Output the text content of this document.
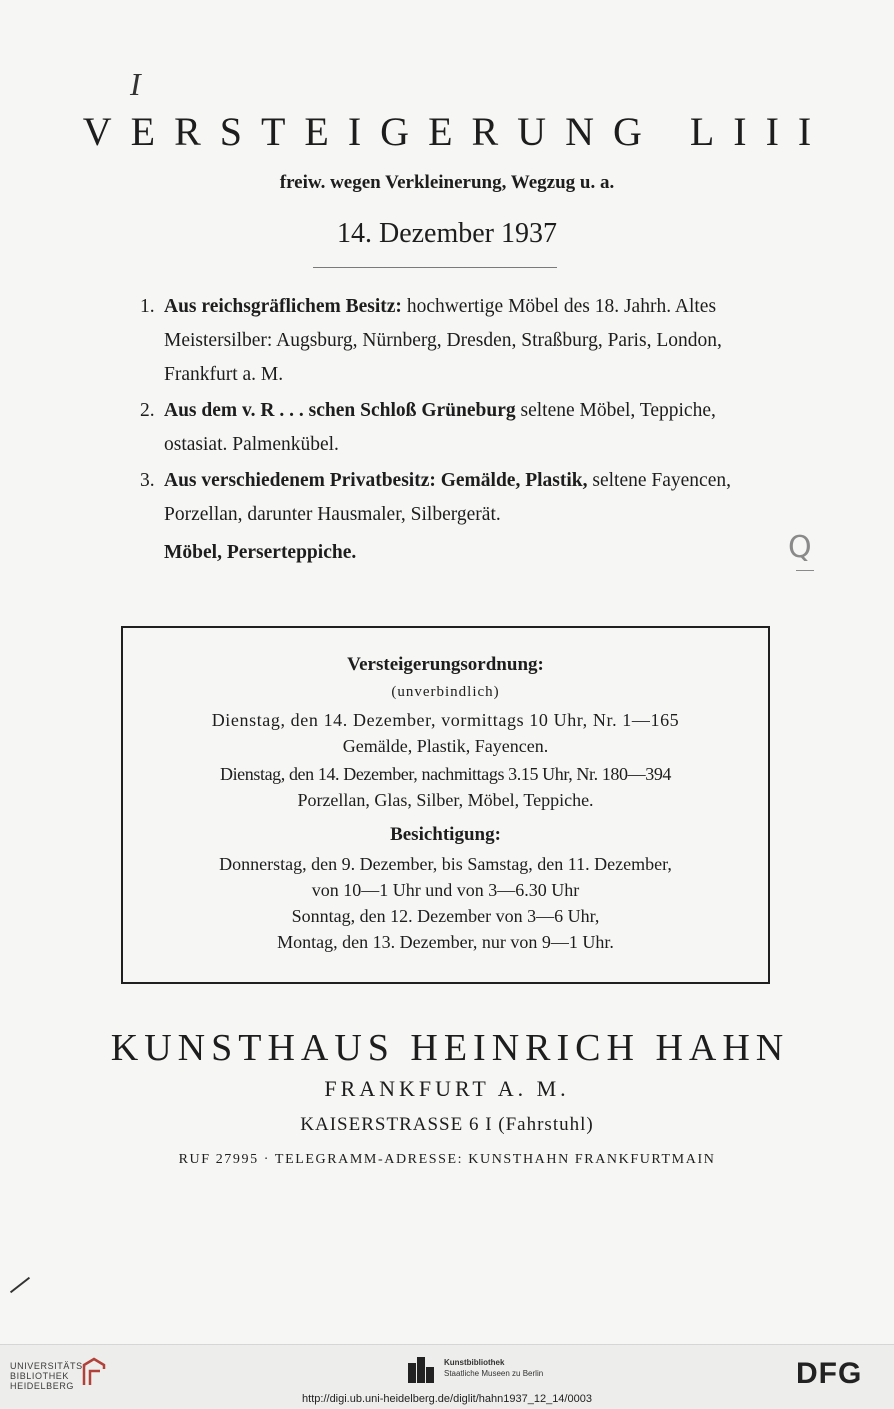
I
Q
VERSTEIGERUNG LIII
freiw. wegen Verkleinerung, Wegzug u. a.
14. Dezember 1937
1. Aus reichsgräflichem Besitz: hochwertige Möbel des 18. Jahrh. Altes Meistersilber: Augsburg, Nürnberg, Dresden, Straßburg, Paris, London, Frankfurt a. M.
2. Aus dem v. R . . . schen Schloß Grüneburg seltene Möbel, Teppiche, ostasiat. Palmenkübel.
3. Aus verschiedenem Privatbesitz: Gemälde, Plastik, seltene Fayencen, Porzellan, darunter Hausmaler, Silbergerät.
Möbel, Perserteppiche.
Versteigerungsordnung:
(unverbindlich)
Dienstag, den 14. Dezember, vormittags 10 Uhr, Nr. 1—165
Gemälde, Plastik, Fayencen.
Dienstag, den 14. Dezember, nachmittags 3.15 Uhr, Nr. 180—394
Porzellan, Glas, Silber, Möbel, Teppiche.
Besichtigung:
Donnerstag, den 9. Dezember, bis Samstag, den 11. Dezember,
von 10—1 Uhr und von 3—6.30 Uhr
Sonntag, den 12. Dezember von 3—6 Uhr,
Montag, den 13. Dezember, nur von 9—1 Uhr.
KUNSTHAUS HEINRICH HAHN
FRANKFURT A. M.
KAISERSTRASSE 6 I (Fahrstuhl)
RUF 27995 · TELEGRAMM-ADRESSE: KUNSTHAHN FRANKFURTMAIN
UNIVERSITÄTS-
BIBLIOTHEK
HEIDELBERG
Kunstbibliothek
Staatliche Museen zu Berlin	DFG
http://digi.ub.uni-heidelberg.de/diglit/hahn1937_12_14/0003
